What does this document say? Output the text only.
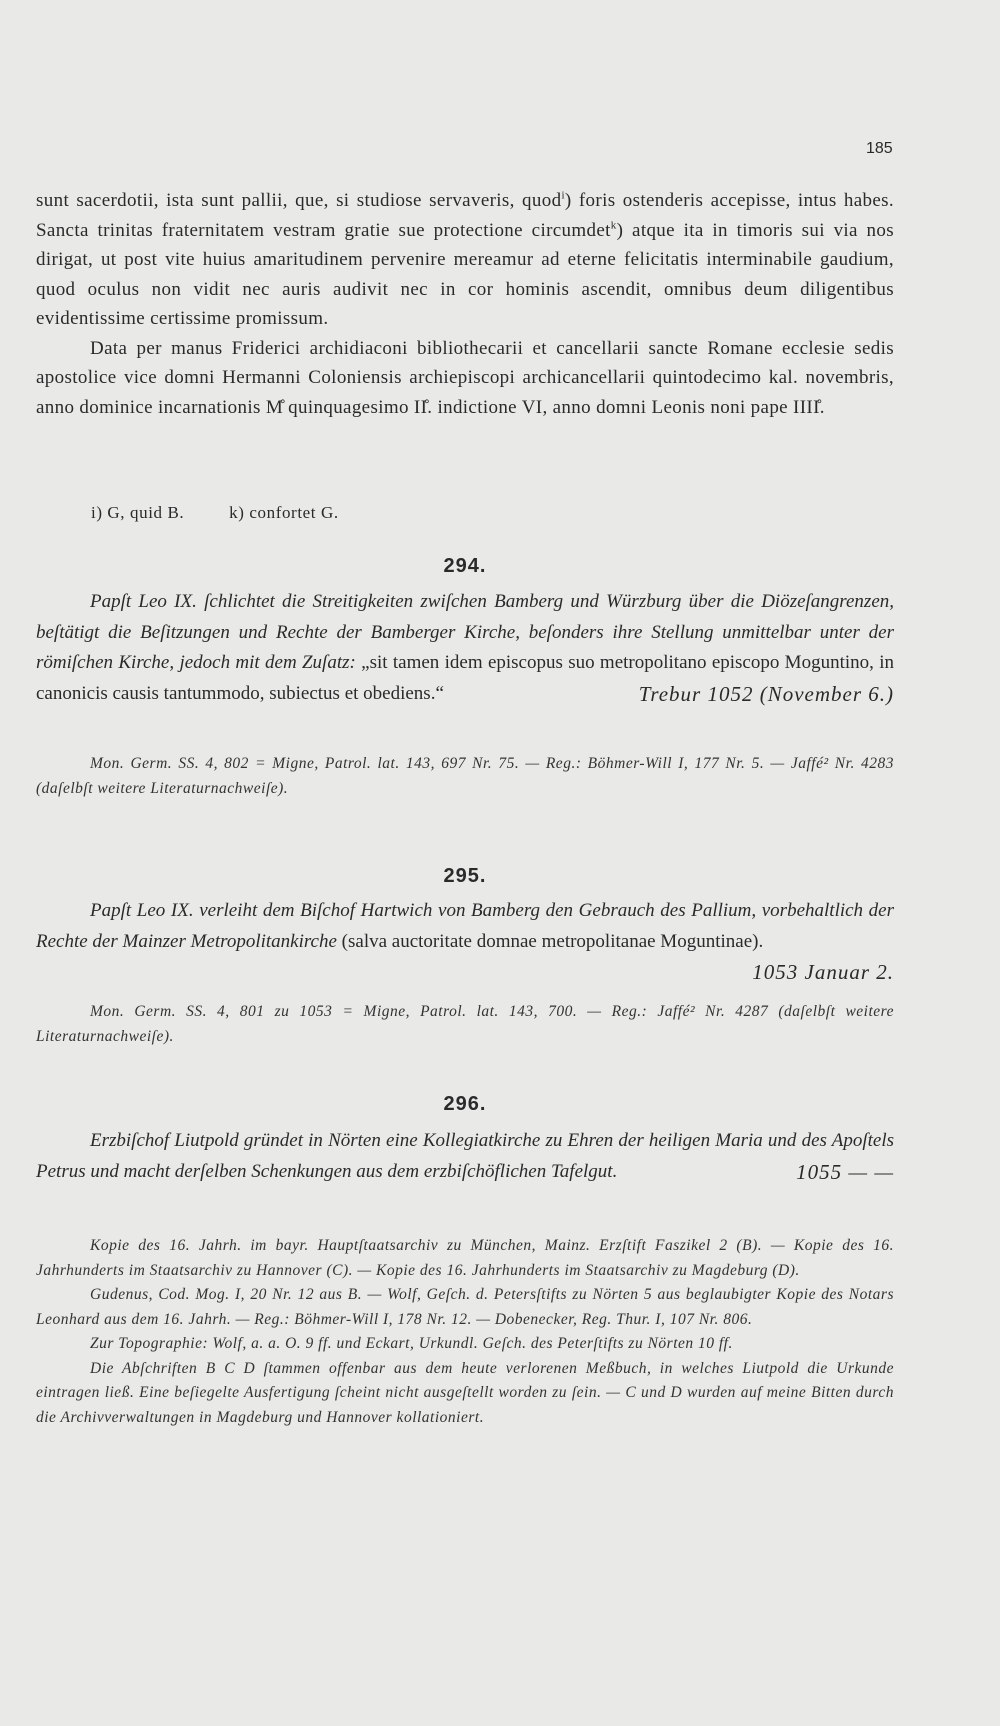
185

sunt sacerdotii, ista sunt pallii, que, si studiose servaveris, quod$^i$) foris ostenderis accepisse, intus habes. Sancta trinitas fraternitatem vestram gratie sue protectione circumdet$^k$) atque ita in timoris sui via nos dirigat, ut post vite huius amaritudinem pervenire mereamur ad eterne felicitatis interminabile gaudium, quod oculus non vidit nec auris audivit nec in cor hominis ascendit, omnibus deum diligentibus evidentissime certissime promissum.

Data per manus Friderici archidiaconi bibliothecarii et cancellarii sancte Romane ecclesie sedis apostolice vice domni Hermanni Coloniensis archiepiscopi archicancellarii quintodecimo kal. novembris, anno dominice incarnationis M̊ quinquagesimo II̊. indictione VI, anno domni Leonis noni pape IIII̊.

i) G, quid B.	k) confortet G.
294.
Papſt Leo IX. ſchlichtet die Streitigkeiten zwiſchen Bamberg und Würzburg über die Diözeſangrenzen, beſtätigt die Beſitzungen und Rechte der Bamberger Kirche, beſonders ihre Stellung unmittelbar unter der römiſchen Kirche, jedoch mit dem Zuſatz: „sit tamen idem episcopus suo metropolitano episcopo Moguntino, in canonicis causis tantummodo, subiectus et obediens.“	Trebur 1052 (November 6.)
Mon. Germ. SS. 4, 802 = Migne, Patrol. lat. 143, 697 Nr. 75. — Reg.: Böhmer-Will I, 177 Nr. 5. — Jaffé² Nr. 4283 (daſelbſt weitere Literaturnachweiſe).
295.
Papſt Leo IX. verleiht dem Biſchof Hartwich von Bamberg den Gebrauch des Pallium, vorbehaltlich der Rechte der Mainzer Metropolitankirche (salva auctoritate domnae metropolitanae Moguntinae).
1053 Januar 2.
Mon. Germ. SS. 4, 801 zu 1053 = Migne, Patrol. lat. 143, 700. — Reg.: Jaffé² Nr. 4287 (daſelbſt weitere Literaturnachweiſe).
296.
Erzbiſchof Liutpold gründet in Nörten eine Kollegiatkirche zu Ehren der heiligen Maria und des Apoſtels Petrus und macht derſelben Schenkungen aus dem erzbiſchöflichen Tafelgut.	1055 — —

Kopie des 16. Jahrh. im bayr. Hauptſtaatsarchiv zu München, Mainz. Erzſtift Faszikel 2 (B). — Kopie des 16. Jahrhunderts im Staatsarchiv zu Hannover (C). — Kopie des 16. Jahrhunderts im Staatsarchiv zu Magdeburg (D).

Gudenus, Cod. Mog. I, 20 Nr. 12 aus B. — Wolf, Geſch. d. Petersſtifts zu Nörten 5 aus beglaubigter Kopie des Notars Leonhard aus dem 16. Jahrh. — Reg.: Böhmer-Will I, 178 Nr. 12. — Dobenecker, Reg. Thur. I, 107 Nr. 806.

Zur Topographie: Wolf, a. a. O. 9 ff. und Eckart, Urkundl. Geſch. des Peterſtifts zu Nörten 10 ff.

Die Abſchriften B C D ſtammen offenbar aus dem heute verlorenen Meßbuch, in welches Liutpold die Urkunde eintragen ließ. Eine beſiegelte Ausfertigung ſcheint nicht ausgeſtellt worden zu ſein. — C und D wurden auf meine Bitten durch die Archivverwaltungen in Magdeburg und Hannover kollationiert.
